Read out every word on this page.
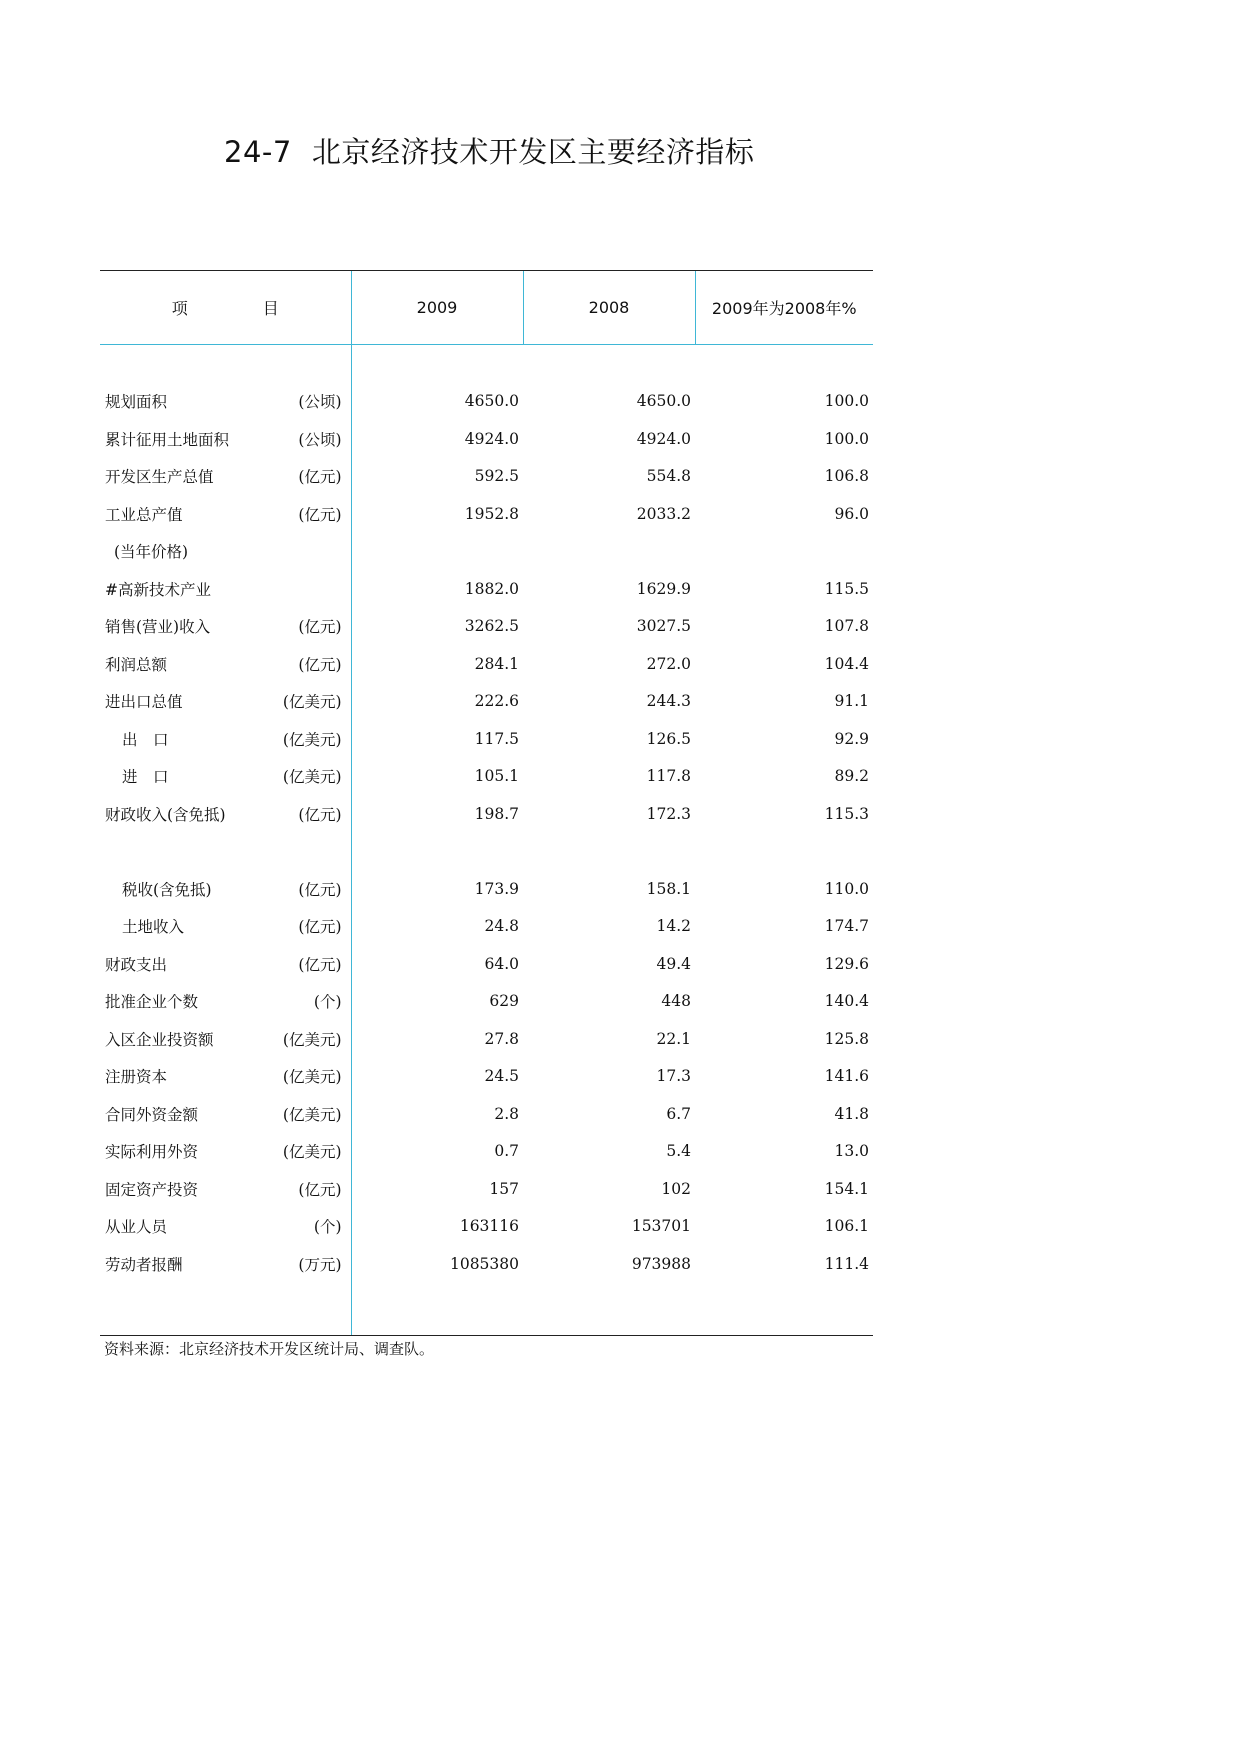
24-7 北京经济技术开发区主要经济指标
项 目	2009	2008	2009年为2008年%

规划面积 (公顷)	4650.0	4650.0	100.0

累计征用土地面积 (公顷)	4924.0	4924.0	100.0

开发区生产总值 (亿元)	592.5	554.8	106.8

工业总产值 (亿元)	1952.8	2033.2	96.0

(当年价格)			

#高新技术产业	1882.0	1629.9	115.5

销售(营业)收入 (亿元)	3262.5	3027.5	107.8

利润总额 (亿元)	284.1	272.0	104.4

进出口总值 (亿美元)	222.6	244.3	91.1

出　口 (亿美元)	117.5	126.5	92.9

进　口 (亿美元)	105.1	117.8	89.2

财政收入(含免抵) (亿元)	198.7	172.3	115.3

税收(含免抵) (亿元)	173.9	158.1	110.0

土地收入 (亿元)	24.8	14.2	174.7

财政支出 (亿元)	64.0	49.4	129.6

批准企业个数 (个)	629	448	140.4

入区企业投资额 (亿美元)	27.8	22.1	125.8

注册资本 (亿美元)	24.5	17.3	141.6

合同外资金额 (亿美元)	2.8	6.7	41.8

实际利用外资 (亿美元)	0.7	5.4	13.0

固定资产投资 (亿元)	157	102	154.1

从业人员 (个)	163116	153701	106.1

劳动者报酬 (万元)	1085380	973988	111.4

资料来源：北京经济技术开发区统计局、调查队。
